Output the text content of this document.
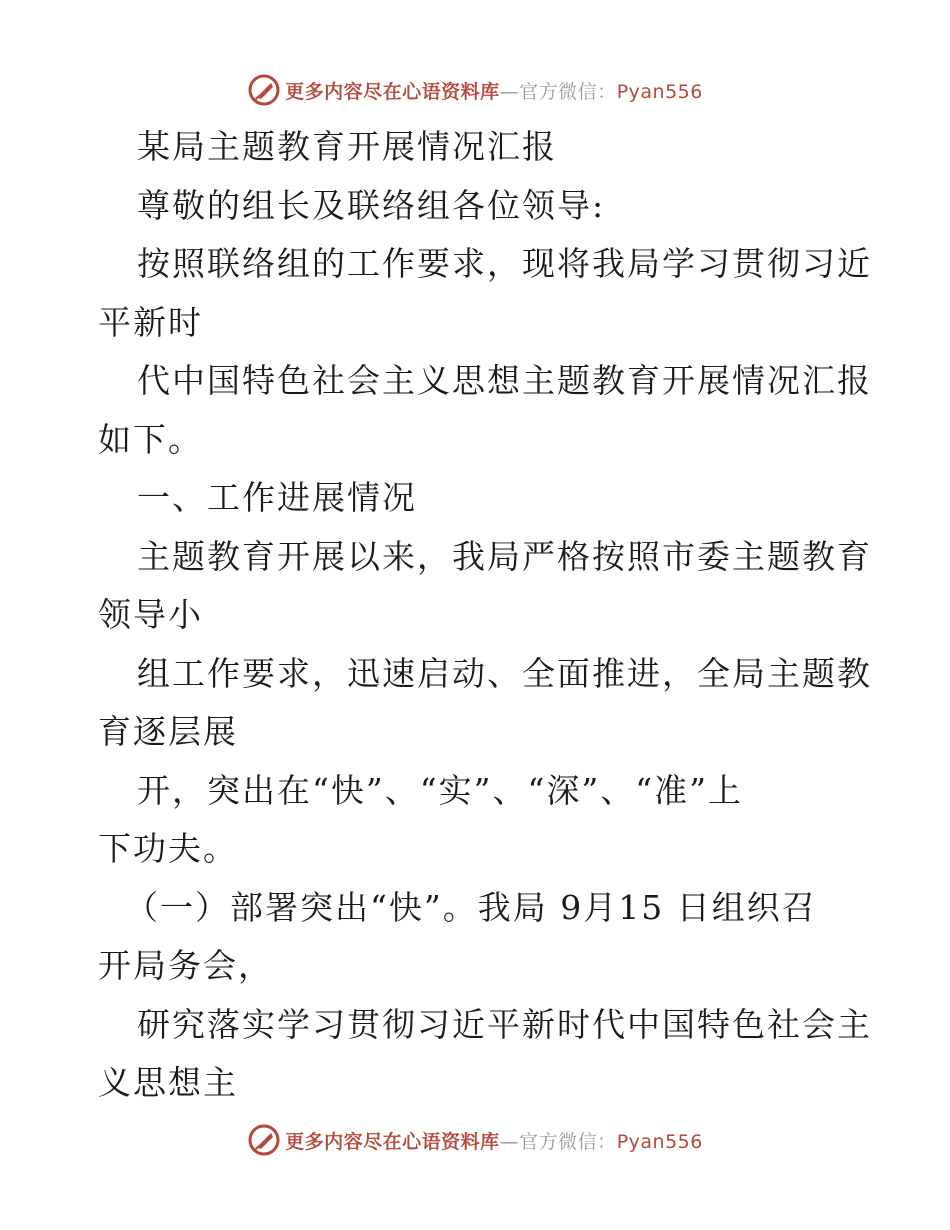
更多内容尽在心语资料库—官方微信：Pyan556
某局主题教育开展情况汇报
尊敬的组长及联络组各位领导:
按照联络组的工作要求，现将我局学习贯彻习近
平新时
代中国特色社会主义思想主题教育开展情况汇报
如下。
一、工作进展情况
主题教育开展以来，我局严格按照市委主题教育
领导小
组工作要求，迅速启动、全面推进，全局主题教
育逐层展
开，突出在“快”、“实”、“深”、“准”上
下功夫。
（一）部署突出“快”。我局 9月15 日组织召
开局务会，
研究落实学习贯彻习近平新时代中国特色社会主
义思想主
更多内容尽在心语资料库—官方微信：Pyan556
